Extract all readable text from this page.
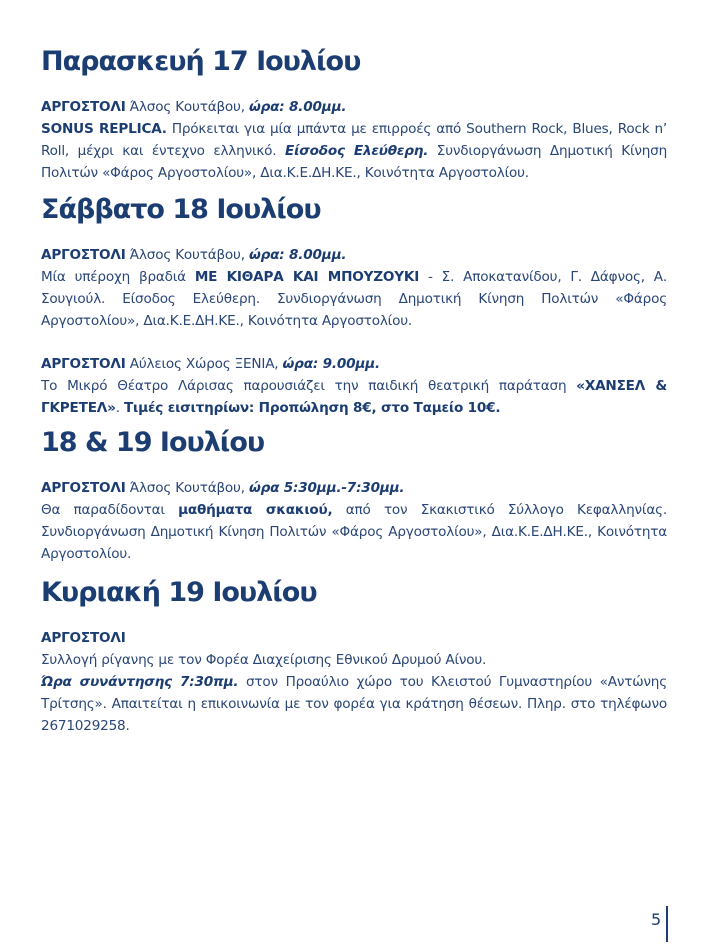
Παρασκευή 17 Ιουλίου

ΑΡΓΟΣΤΟΛΙ Άλσος Κουτάβου, ώρα: 8.00μμ.

SONUS REPLICA. Πρόκειται για μία μπάντα με επιρροές από Southern Rock, Blues, Rock n’ Roll, μέχρι και έντεχνο ελληνικό. Είσοδος Ελεύθερη. Συνδιοργάνωση Δημοτική Κίνηση Πολιτών «Φάρος Αργοστολίου», Δια.Κ.Ε.ΔΗ.ΚΕ., Κοινότητα Αργοστολίου.

Σάββατο 18 Ιουλίου

ΑΡΓΟΣΤΟΛΙ Άλσος Κουτάβου, ώρα: 8.00μμ.

Μία υπέροχη βραδιά ΜΕ ΚΙΘΑΡΑ ΚΑΙ ΜΠΟΥΖΟΥΚΙ - Σ. Αποκατανίδου, Γ. Δάφνος, Α. Σουγιούλ. Είσοδος Ελεύθερη. Συνδιοργάνωση Δημοτική Κίνηση Πολιτών «Φάρος Αργοστολίου», Δια.Κ.Ε.ΔΗ.ΚΕ., Κοινότητα Αργοστολίου.

ΑΡΓΟΣΤΟΛΙ Αύλειος Χώρος ΞΕΝΙΑ, ώρα: 9.00μμ.

Το Μικρό Θέατρο Λάρισας παρουσιάζει την παιδική θεατρική παράταση «ΧΑΝΣΕΛ & ΓΚΡΕΤΕΛ». Τιμές εισιτηρίων: Προπώληση 8€, στο Ταμείο 10€.

18 & 19 Ιουλίου

ΑΡΓΟΣΤΟΛΙ Άλσος Κουτάβου, ώρα 5:30μμ.-7:30μμ.

Θα παραδίδονται μαθήματα σκακιού, από τον Σκακιστικό Σύλλογο Κεφαλληνίας. Συνδιοργάνωση Δημοτική Κίνηση Πολιτών «Φάρος Αργοστολίου», Δια.Κ.Ε.ΔΗ.ΚΕ., Κοινότητα Αργοστολίου.

Κυριακή 19 Ιουλίου

ΑΡΓΟΣΤΟΛΙ

Συλλογή ρίγανης με τον Φορέα Διαχείρισης Εθνικού Δρυμού Αίνου.

Ώρα συνάντησης 7:30πμ. στον Προαύλιο χώρο του Κλειστού Γυμναστηρίου «Αντώνης Τρίτσης». Απαιτείται η επικοινωνία με τον φορέα για κράτηση θέσεων. Πληρ. στο τηλέφωνο 2671029258.

5
